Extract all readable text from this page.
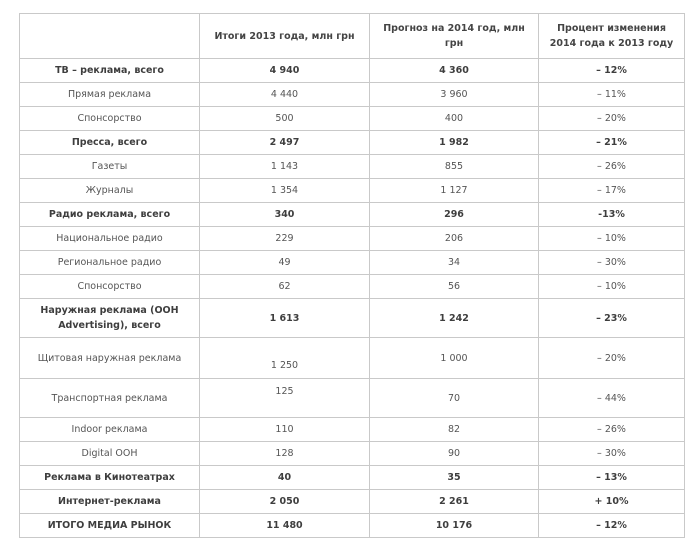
	Итоги 2013 года, млн грн	Прогноз на 2014 год, млн грн	Процент изменения 2014 года к 2013 году
ТВ – реклама, всего	4 940	4 360	– 12%
Прямая реклама	4 440	3 960	– 11%
Спонсорство	500	400	– 20%
Пресса, всего	2 497	1 982	– 21%
Газеты	1 143	855	– 26%
Журналы	1 354	1 127	– 17%
Радио реклама, всего	340	296	-13%
Национальное радио	229	206	– 10%
Региональное радио	49	34	– 30%
Спонсорство	62	56	– 10%
Наружная реклама (OOH Advertising), всего	1 613	1 242	– 23%
Щитовая наружная реклама	1 250	1 000	– 20%
Транспортная реклама	125	70	– 44%
Indoor реклама	110	82	– 26%
Digital OOH	128	90	– 30%
Реклама в Кинотеатрах	40	35	– 13%
Интернет-реклама	2 050	2 261	+ 10%
ИТОГО МЕДИА РЫНОК	11 480	10 176	– 12%
